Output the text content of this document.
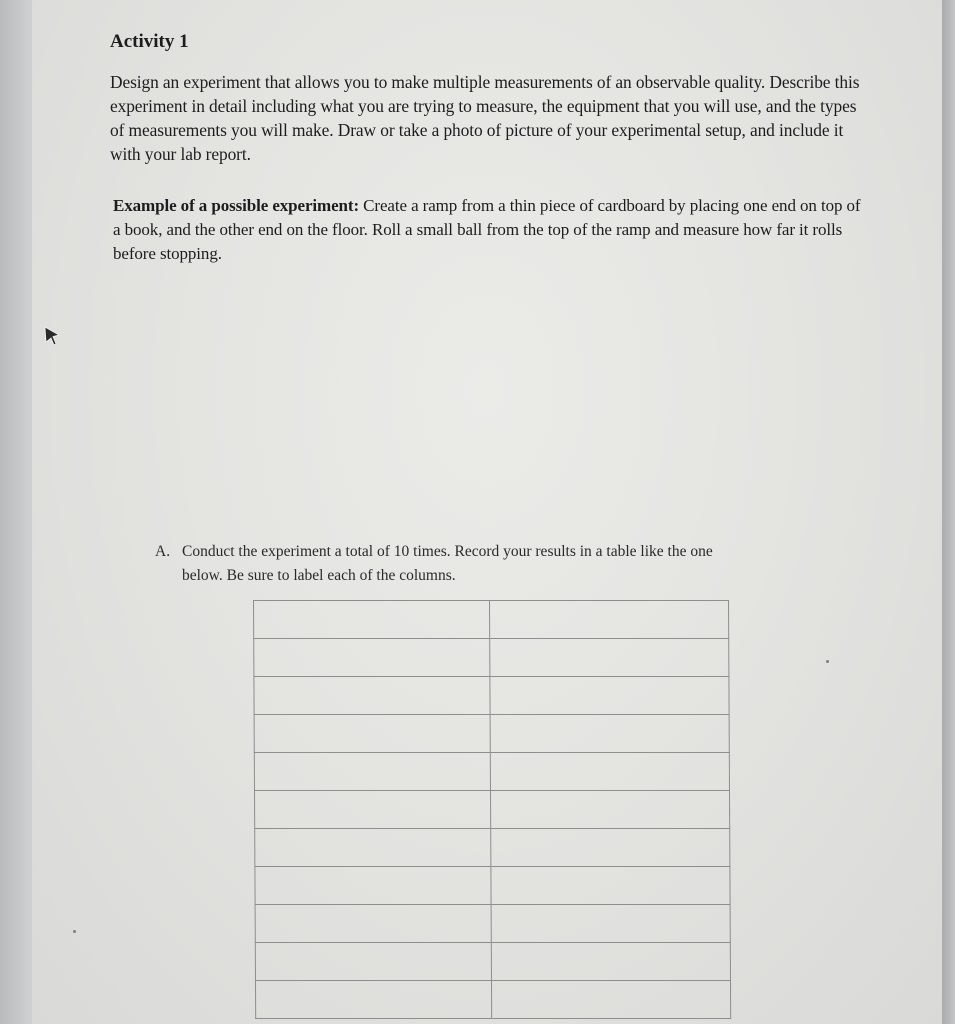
Activity 1

Design an experiment that allows you to make multiple measurements of an observable quality. Describe this experiment in detail including what you are trying to measure, the equipment that you will use, and the types of measurements you will make. Draw or take a photo of picture of your experimental setup, and include it with your lab report.

Example of a possible experiment: Create a ramp from a thin piece of cardboard by placing one end on top of a book, and the other end on the floor. Roll a small ball from the top of the ramp and measure how far it rolls before stopping.

A. Conduct the experiment a total of 10 times. Record your results in a table like the one
below. Be sure to label each of the columns.
